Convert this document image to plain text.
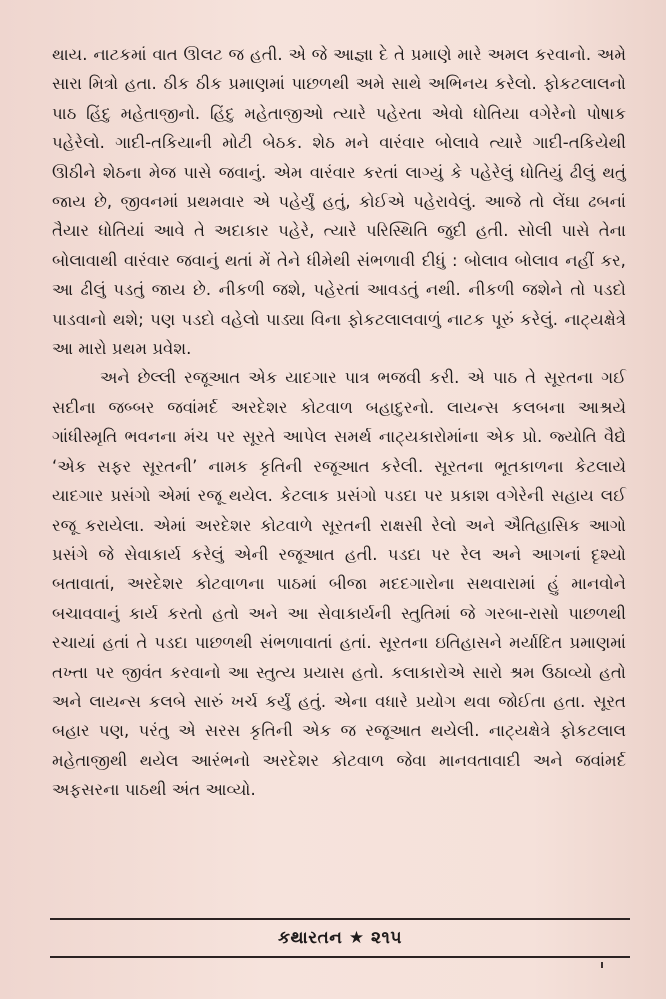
થાય. નાટકમાં વાત ઊલટ જ હતી. એ જે આજ્ઞા દે તે પ્રમાણે મારે અમલ કરવાનો. અમે સારા મિત્રો હતા. ઠીક ઠીક પ્રમાણમાં પાછળથી અમે સાથે અભિનય કરેલો. ફોકટલાલનો પાઠ હિંદુ મહેતાજીનો. હિંદુ મહેતાજીઓ ત્યારે પહેરતા એવો ધોતિયા વગેરેનો પોષાક પહેરેલો. ગાદી-તકિયાની મોટી બેઠક. શેઠ મને વારંવાર બોલાવે ત્યારે ગાદી-તકિયેથી ઊઠીને શેઠના મેજ પાસે જવાનું. એમ વારંવાર કરતાં લાગ્યું કે પહેરેલું ધોતિયું ઢીલું થતું જાય છે, જીવનમાં પ્રથમવાર એ પહેર્યું હતું, કોઈએ પહેરાવેલું. આજે તો લેંઘા ઢબનાં તૈયાર ધોતિયાં આવે તે અદાકાર પહેરે, ત્યારે પરિસ્થિતિ જુદી હતી. સોલી પાસે તેના બોલાવાથી વારંવાર જવાનું થતાં મેં તેને ધીમેથી સંભળાવી દીધું : બોલાવ બોલાવ નહીં કર, આ ઢીલું પડતું જાય છે. નીકળી જશે, પહેરતાં આવડતું નથી. નીકળી જશેને તો પડદો પાડવાનો થશે; પણ પડદો વહેલો પાડ્યા વિના ફોકટલાલવાળું નાટક પૂરું કરેલું. નાટ્યક્ષેત્રે આ મારો પ્રથમ પ્રવેશ.

અને છેલ્લી રજૂઆત એક યાદગાર પાત્ર ભજવી કરી. એ પાઠ તે સૂરતના ગઈ સદીના જબ્બર જવાંમર્દ અરદેશર કોટવાળ બહાદુરનો. લાયન્સ કલબના આશ્રયે ગાંધીસ્મૃતિ ભવનના મંચ પર સૂરતે આપેલ સમર્થ નાટ્યકારોમાંના એક પ્રો. જ્યોતિ વૈદ્યે ‘એક સફર સૂરતની’ નામક કૃતિની રજૂઆત કરેલી. સૂરતના ભૂતકાળના કેટલાયે યાદગાર પ્રસંગો એમાં રજૂ થયેલ. કેટલાક પ્રસંગો પડદા પર પ્રકાશ વગેરેની સહાય લઈ રજૂ કરાયેલા. એમાં અરદેશર કોટવાળે સૂરતની રાક્ષસી રેલો અને ઐતિહાસિક આગો પ્રસંગે જે સેવાકાર્ય કરેલું એની રજૂઆત હતી. પડદા પર રેલ અને આગનાં દૃશ્યો બતાવાતાં, અરદેશર કોટવાળના પાઠમાં બીજા મદદગારોના સથવારામાં હું માનવોને બચાવવાનું કાર્ય કરતો હતો અને આ સેવાકાર્યની સ્તુતિમાં જે ગરબા-રાસો પાછળથી રચાયાં હતાં તે પડદા પાછળથી સંભળાવાતાં હતાં. સૂરતના ઇતિહાસને મર્યાદિત પ્રમાણમાં તખ્તા પર જીવંત કરવાનો આ સ્તુત્ય પ્રયાસ હતો. કલાકારોએ સારો શ્રમ ઉઠાવ્યો હતો અને લાયન્સ કલબે સારું ખર્ચ કર્યું હતું. એના વધારે પ્રયોગ થવા જોઈતા હતા. સૂરત બહાર પણ, પરંતુ એ સરસ કૃતિની એક જ રજૂઆત થયેલી. નાટ્યક્ષેત્રે ફોકટલાલ મહેતાજીથી થયેલ આરંભનો અરદેશર કોટવાળ જેવા માનવતાવાદી અને જવાંમર્દ અફસરના પાઠથી અંત આવ્યો.

કથારતન ★ ૨૧૫
